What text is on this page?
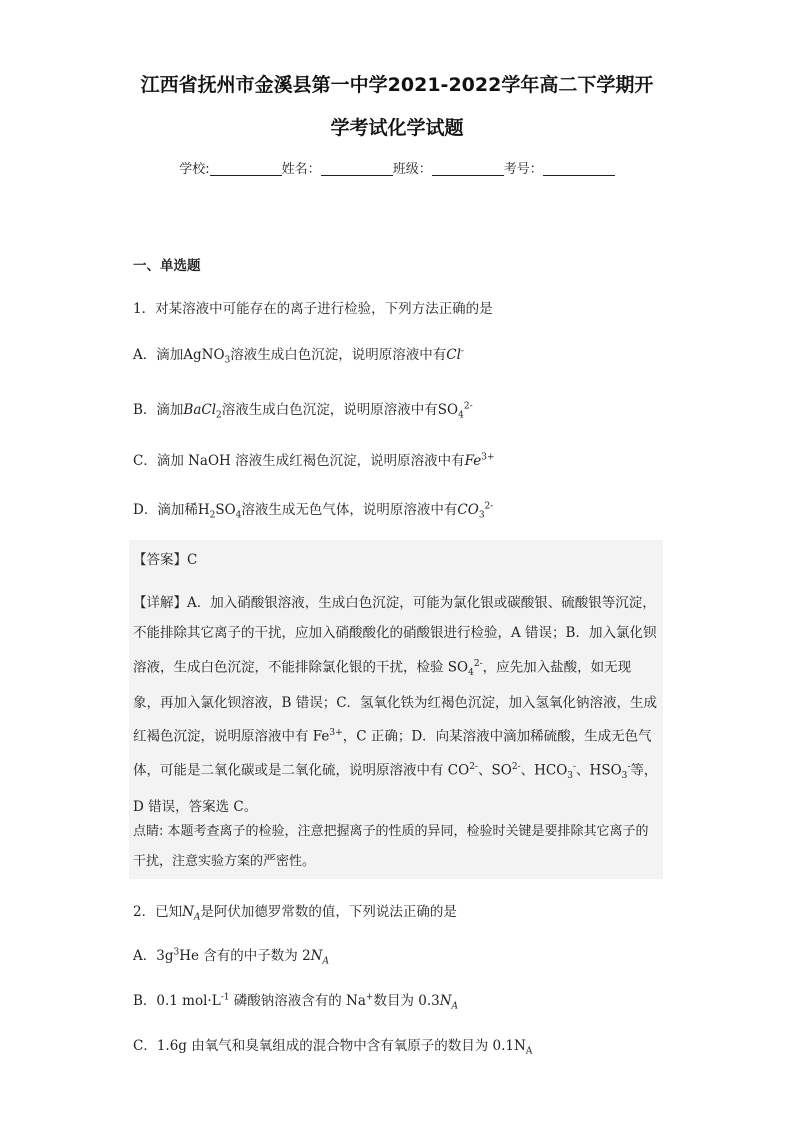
江西省抚州市金溪县第一中学2021-2022学年高二下学期开
学考试化学试题
学校:	姓名：	班级：	考号：
一、单选题
1．对某溶液中可能存在的离子进行检验，下列方法正确的是
A．滴加AgNO$_3$溶液生成白色沉淀，说明原溶液中有Cl-
B．滴加BaCl$_2$溶液生成白色沉淀，说明原溶液中有$SO_4^{2-}$
C．滴加 NaOH 溶液生成红褐色沉淀，说明原溶液中有$Fe^{3+}$
D．滴加稀$H_2SO_4$溶液生成无色气体，说明原溶液中有$CO_3^{2-}$
【答案】C
【详解】A．加入硝酸银溶液，生成白色沉淀，可能为氯化银或碳酸银、硫酸银等沉淀，不能排除其它离子的干扰，应加入硝酸酸化的硝酸银进行检验，A 错误；B．加入氯化钡溶液，生成白色沉淀，不能排除氯化银的干扰，检验 $SO_4^{2-}$，应先加入盐酸，如无现象，再加入氯化钡溶液，B 错误；C．氢氧化铁为红褐色沉淀，加入氢氧化钠溶液，生成红褐色沉淀，说明原溶液中有 $Fe^{3+}$，C 正确；D．向某溶液中滴加稀硫酸，生成无色气体，可能是二氧化碳或是二氧化硫，说明原溶液中有 $CO^{2-}$、$SO^{2-}$、$HCO_3^-$、$HSO_3^-$等，D 错误，答案选 C。
点睛: 本题考查离子的检验，注意把握离子的性质的异同，检验时关键是要排除其它离子的干扰，注意实验方案的严密性。
2．已知$N_A$是阿伏加德罗常数的值，下列说法正确的是
A．$3g^3He$ 含有的中子数为 $2N_A$
B．0.1 $mol\cdot L^{-1}$ 磷酸钠溶液含有的 Na+数目为 $0.3N_A$
C．1.6g 由氧气和臭氧组成的混合物中含有氧原子的数目为 $0.1N_A$
